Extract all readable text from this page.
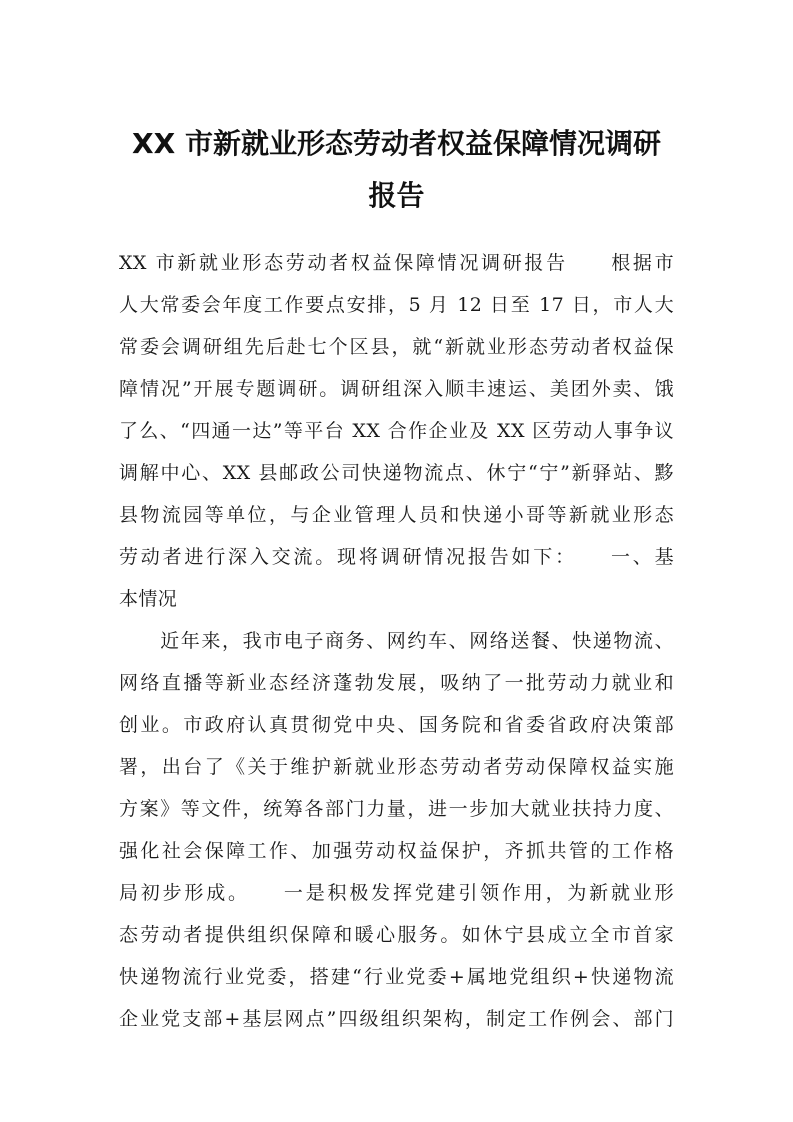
XX 市新就业形态劳动者权益保障情况调研
报告
XX 市新就业形态劳动者权益保障情况调研报告　　根据市
人大常委会年度工作要点安排，5 月 12 日至 17 日，市人大
常委会调研组先后赴七个区县，就“新就业形态劳动者权益保
障情况”开展专题调研。调研组深入顺丰速运、美团外卖、饿
了么、“四通一达”等平台 XX 合作企业及 XX 区劳动人事争议
调解中心、XX 县邮政公司快递物流点、休宁“宁”新驿站、黟
县物流园等单位，与企业管理人员和快递小哥等新就业形态
劳动者进行深入交流。现将调研情况报告如下：　　一、基
本情况
　　近年来，我市电子商务、网约车、网络送餐、快递物流、
网络直播等新业态经济蓬勃发展，吸纳了一批劳动力就业和
创业。市政府认真贯彻党中央、国务院和省委省政府决策部
署，出台了《关于维护新就业形态劳动者劳动保障权益实施
方案》等文件，统筹各部门力量，进一步加大就业扶持力度、
强化社会保障工作、加强劳动权益保护，齐抓共管的工作格
局初步形成。　　一是积极发挥党建引领作用，为新就业形
态劳动者提供组织保障和暖心服务。如休宁县成立全市首家
快递物流行业党委，搭建“行业党委+属地党组织+快递物流
企业党支部+基层网点”四级组织架构，制定工作例会、部门
